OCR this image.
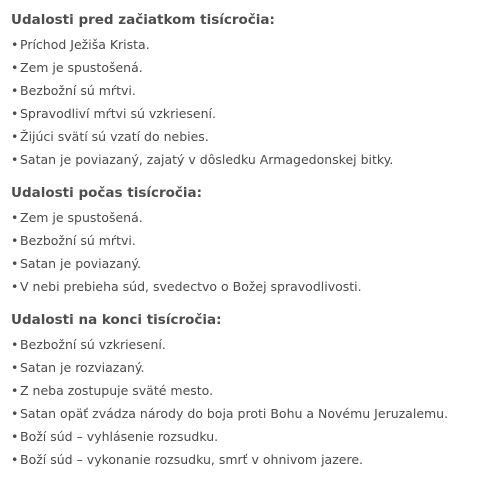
Udalosti pred začiatkom tisícročia:
• Príchod Ježiša Krista.
• Zem je spustošená.
• Bezbožní sú mŕtvi.
• Spravodliví mŕtvi sú vzkriesení.
• Žijúci svätí sú vzatí do nebies.
• Satan je poviazaný, zajatý v dôsledku Armagedonskej bitky.
Udalosti počas tisícročia:
• Zem je spustošená.
• Bezbožní sú mŕtvi.
• Satan je poviazaný.
• V nebi prebieha súd, svedectvo o Božej spravodlivosti.
Udalosti na konci tisícročia:
• Bezbožní sú vzkriesení.
• Satan je rozviazaný.
• Z neba zostupuje sväté mesto.
• Satan opäť zvádza národy do boja proti Bohu a Novému Jeruzalemu.
• Boží súd – vyhlásenie rozsudku.
• Boží súd – vykonanie rozsudku, smrť v ohnivom jazere.
